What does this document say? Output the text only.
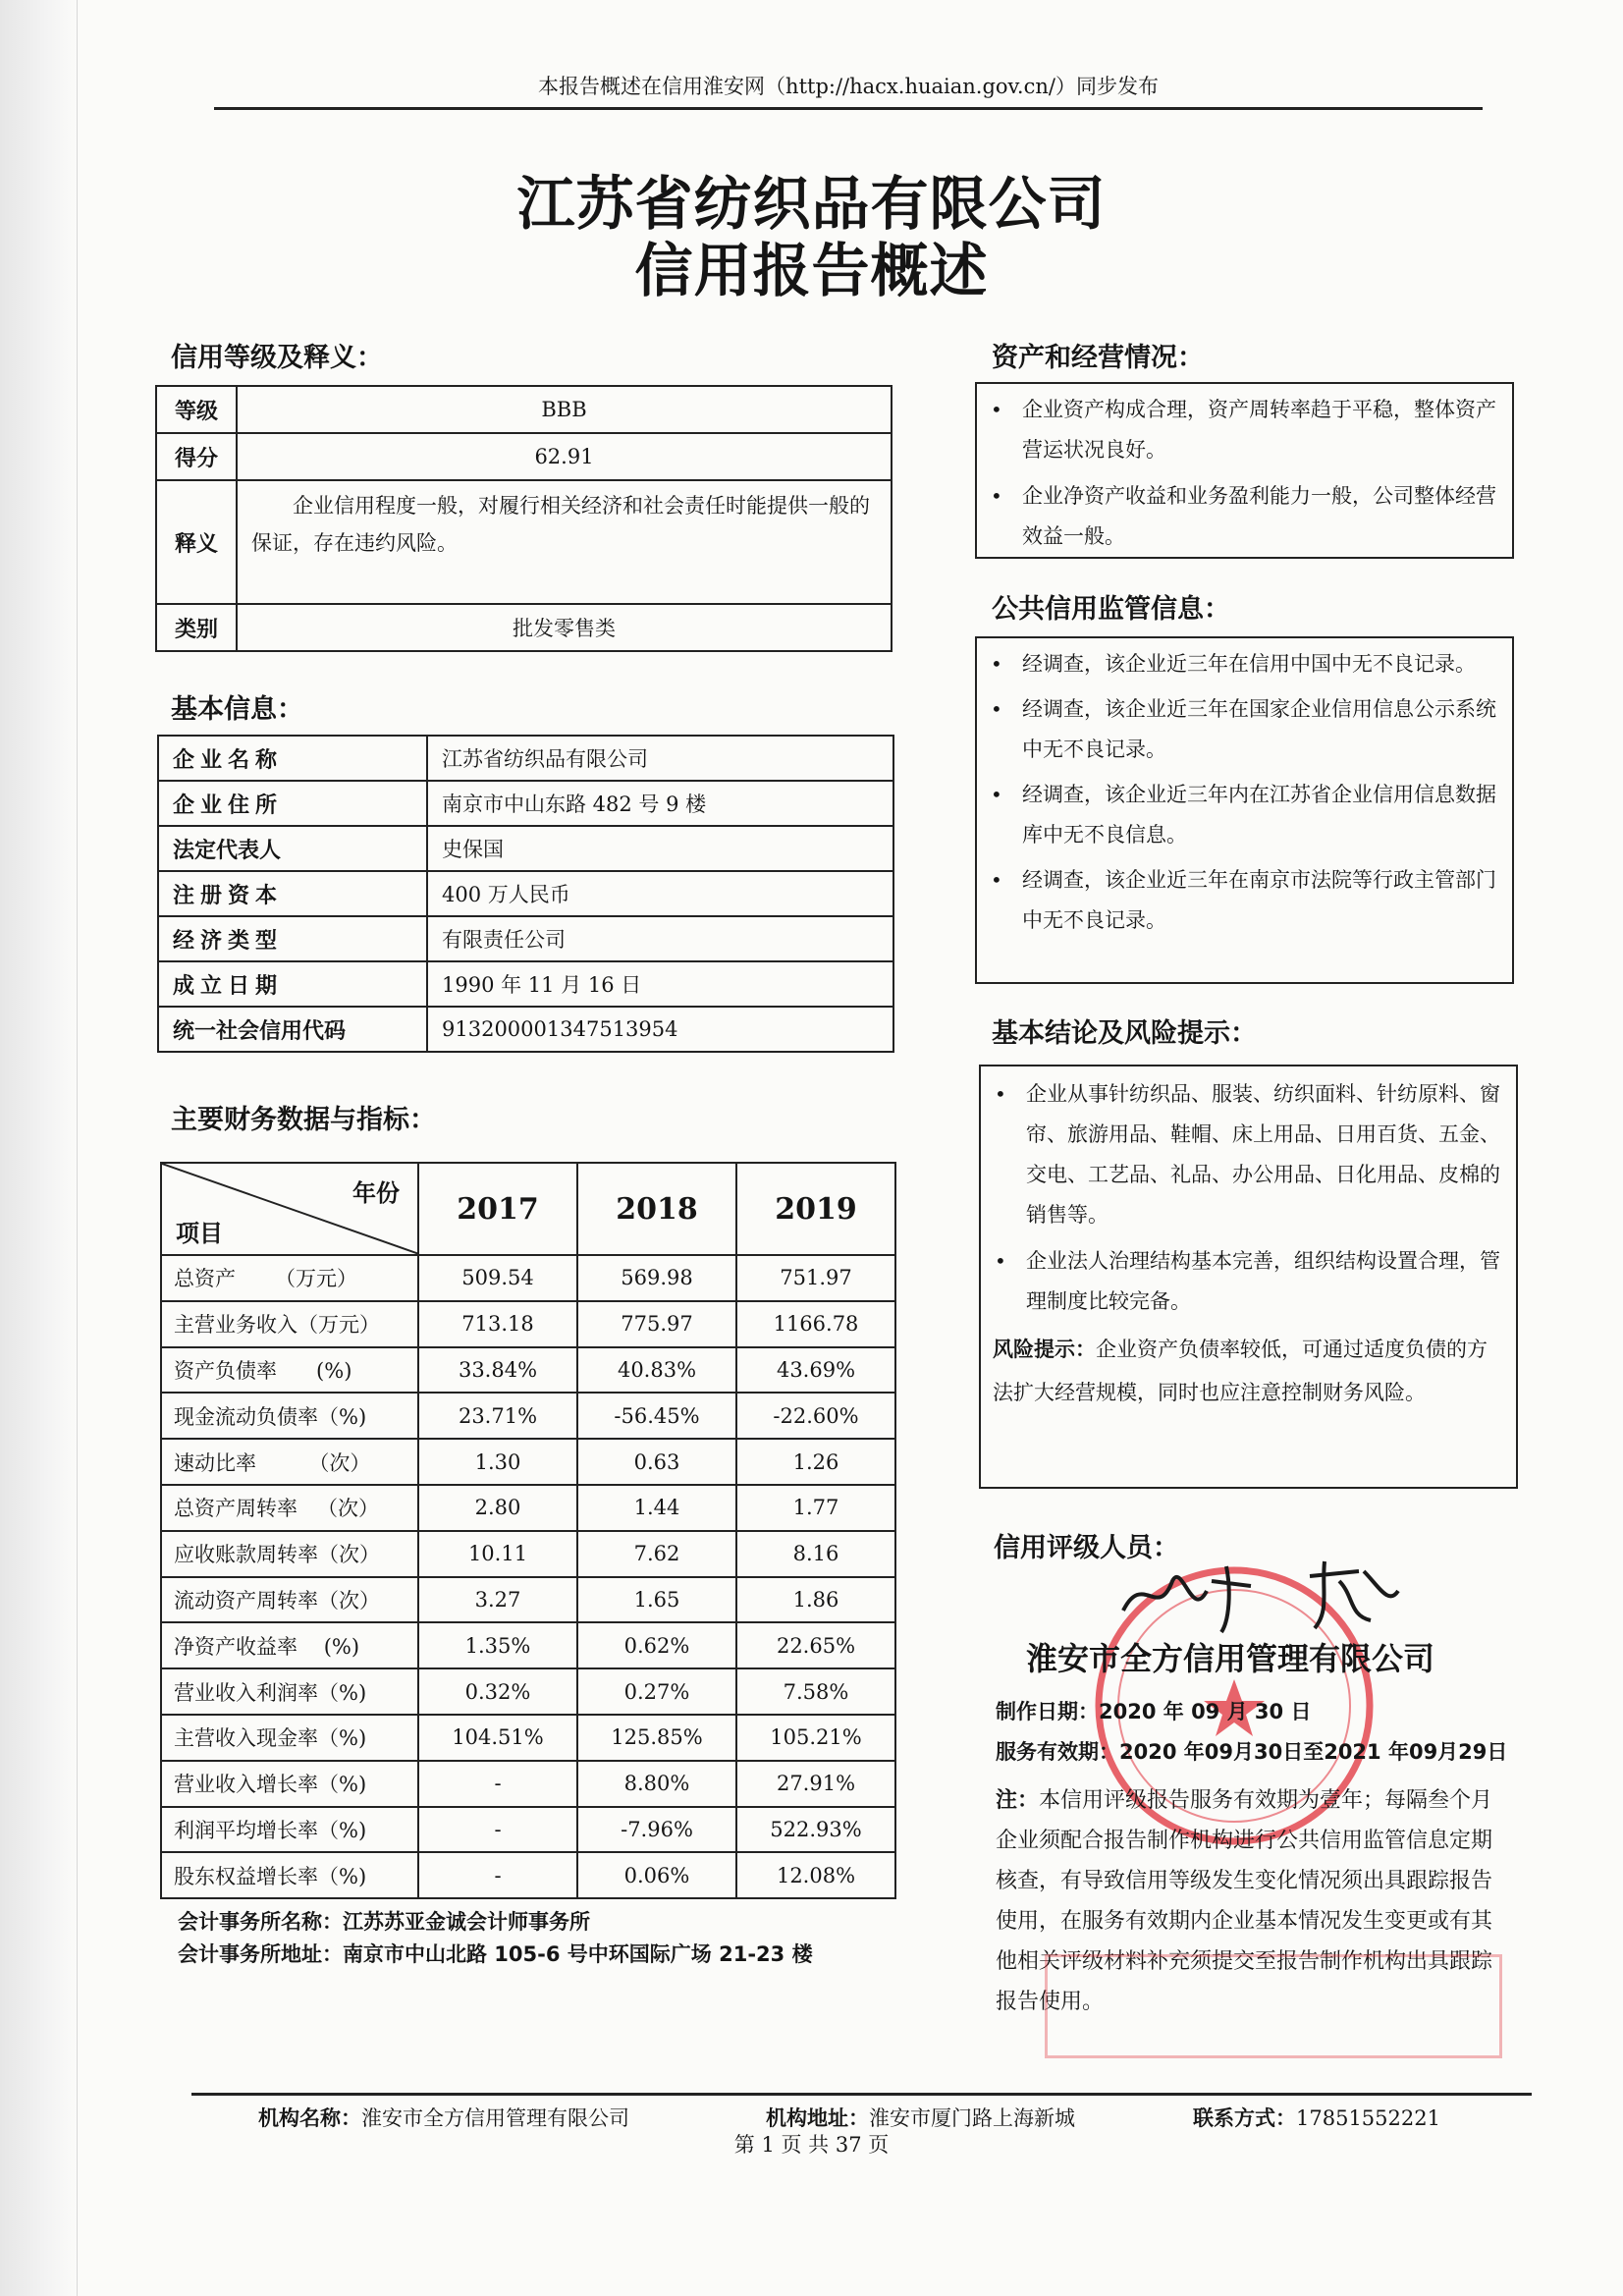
本报告概述在信用淮安网（http://hacx.huaian.gov.cn/）同步发布
江苏省纺织品有限公司
信用报告概述
信用等级及释义：
等级	BBB
得分	62.91
释义	企业信用程度一般，对履行相关经济和社会责任时能提供一般的保证，存在违约风险。
类别	批发零售类
基本信息：
企业名称	江苏省纺织品有限公司
企业住所	南京市中山东路 482 号 9 楼
法定代表人	史保国
注册资本	400 万人民币
经济类型	有限责任公司
成立日期	1990 年 11 月 16 日
统一社会信用代码	913200001347513954
主要财务数据与指标：
年份
项目	2017	2018	2019
总资产      （万元）	509.54	569.98	751.97
主营业务收入（万元）	713.18	775.97	1166.78
资产负债率      (%)	33.84%	40.83%	43.69%
现金流动负债率（%)	23.71%	-56.45%	-22.60%
速动比率        （次）	1.30	0.63	1.26
总资产周转率   （次）	2.80	1.44	1.77
应收账款周转率（次）	10.11	7.62	8.16
流动资产周转率（次）	3.27	1.65	1.86
净资产收益率    (%)	1.35%	0.62%	22.65%
营业收入利润率（%)	0.32%	0.27%	7.58%
主营收入现金率（%)	104.51%	125.85%	105.21%
营业收入增长率（%)	-	8.80%	27.91%
利润平均增长率（%)	-	-7.96%	522.93%
股东权益增长率（%)	-	0.06%	12.08%
会计事务所名称：江苏苏亚金诚会计师事务所
会计事务所地址：南京市中山北路 105-6 号中环国际广场 21-23 楼
资产和经营情况：
• 企业资产构成合理，资产周转率趋于平稳，整体资产营运状况良好。
• 企业净资产收益和业务盈利能力一般，公司整体经营效益一般。
公共信用监管信息：
• 经调查，该企业近三年在信用中国中无不良记录。
• 经调查，该企业近三年在国家企业信用信息公示系统中无不良记录。
• 经调查，该企业近三年内在江苏省企业信用信息数据库中无不良信息。
• 经调查，该企业近三年在南京市法院等行政主管部门中无不良记录。
基本结论及风险提示：
• 企业从事针纺织品、服装、纺织面料、针纺原料、窗帘、旅游用品、鞋帽、床上用品、日用百货、五金、交电、工艺品、礼品、办公用品、日化用品、皮棉的销售等。
• 企业法人治理结构基本完善，组织结构设置合理，管理制度比较完备。
风险提示：企业资产负债率较低，可通过适度负债的方法扩大经营规模，同时也应注意控制财务风险。
信用评级人员：
淮安市全方信用管理有限公司
制作日期：2020 年 09 月 30 日
服务有效期：2020 年09月30日至2021 年09月29日
注：本信用评级报告服务有效期为壹年；每隔叁个月企业须配合报告制作机构进行公共信用监管信息定期核查，有导致信用等级发生变化情况须出具跟踪报告使用，在服务有效期内企业基本情况发生变更或有其他相关评级材料补充须提交至报告制作机构出具跟踪报告使用。
机构名称：淮安市全方信用管理有限公司	机构地址：淮安市厦门路上海新城	联系方式：17851552221
第 1 页 共 37 页
